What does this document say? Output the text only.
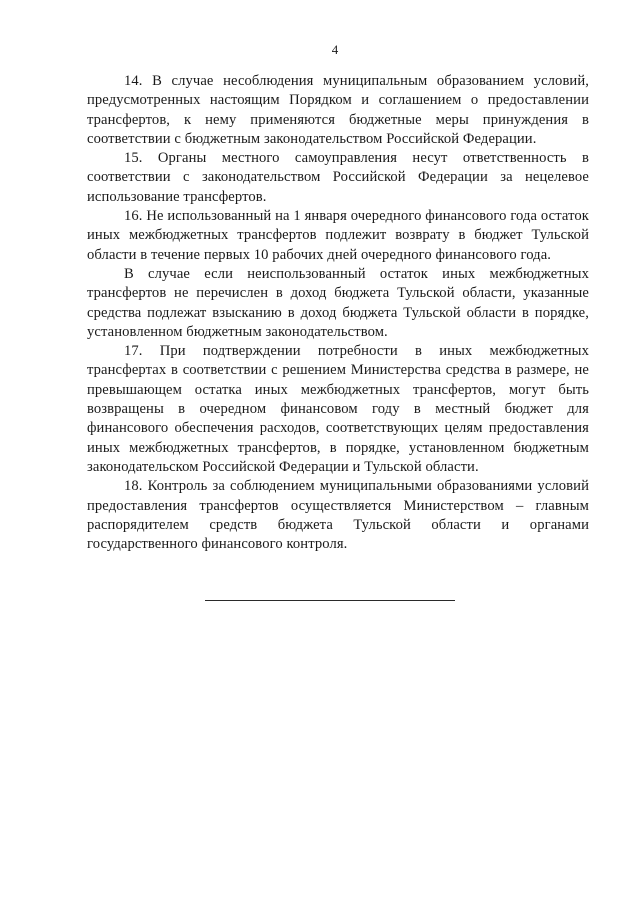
4

14. В случае несоблюдения муниципальным образованием условий, предусмотренных настоящим Порядком и соглашением о предоставлении трансфертов, к нему применяются бюджетные меры принуждения в соответствии с бюджетным законодательством Российской Федерации.

15. Органы местного самоуправления несут ответственность в соответствии с законодательством Российской Федерации за нецелевое использование трансфертов.

16. Не использованный на 1 января очередного финансового года остаток иных межбюджетных трансфертов подлежит возврату в бюджет Тульской области в течение первых 10 рабочих дней очередного финансового года.

В случае если неиспользованный остаток иных межбюджетных трансфертов не перечислен в доход бюджета Тульской области, указанные средства подлежат взысканию в доход бюджета Тульской области в порядке, установленном бюджетным законодательством.

17. При подтверждении потребности в иных межбюджетных трансфертах в соответствии с решением Министерства средства в размере, не превышающем остатка иных межбюджетных трансфертов, могут быть возвращены в очередном финансовом году в местный бюджет для финансового обеспечения расходов, соответствующих целям предоставления иных межбюджетных трансфертов, в порядке, установленном бюджетным законодательском Российской Федерации и Тульской области.

18. Контроль за соблюдением муниципальными образованиями условий предоставления трансфертов осуществляется Министерством – главным распорядителем средств бюджета Тульской области и органами государственного финансового контроля.
